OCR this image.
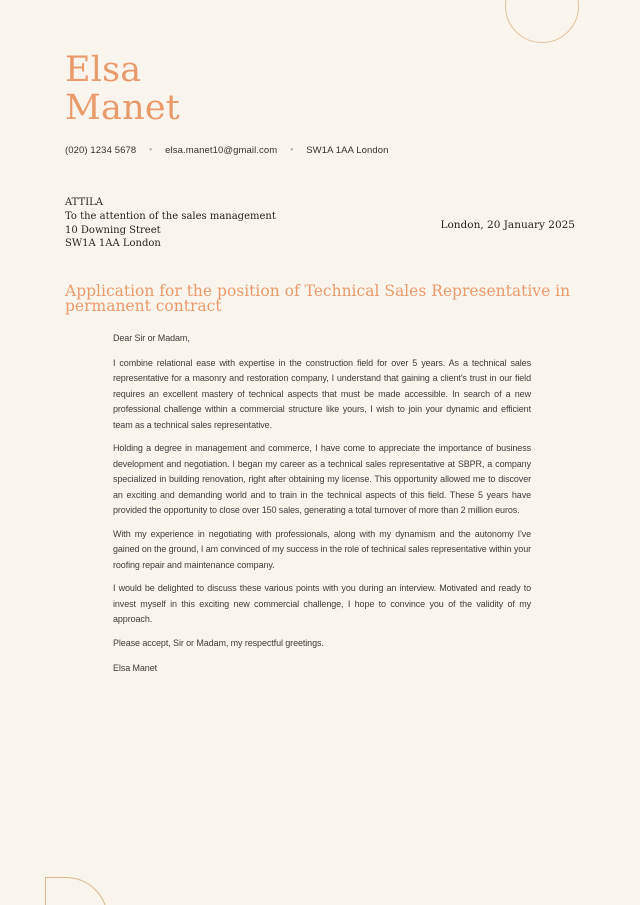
Elsa
Manet
(020) 1234 5678 • elsa.manet10@gmail.com • SW1A 1AA London
ATTILA
To the attention of the sales management
10 Downing Street
SW1A 1AA London
London, 20 January 2025
Application for the position of Technical Sales Representative in permanent contract

Dear Sir or Madam,

I combine relational ease with expertise in the construction field for over 5 years. As a technical sales representative for a masonry and restoration company, I understand that gaining a client's trust in our field requires an excellent mastery of technical aspects that must be made accessible. In search of a new professional challenge within a commercial structure like yours, I wish to join your dynamic and efficient team as a technical sales representative.

Holding a degree in management and commerce, I have come to appreciate the importance of business development and negotiation. I began my career as a technical sales representative at SBPR, a company specialized in building renovation, right after obtaining my license. This opportunity allowed me to discover an exciting and demanding world and to train in the technical aspects of this field. These 5 years have provided the opportunity to close over 150 sales, generating a total turnover of more than 2 million euros.

With my experience in negotiating with professionals, along with my dynamism and the autonomy I've gained on the ground, I am convinced of my success in the role of technical sales representative within your roofing repair and maintenance company.

I would be delighted to discuss these various points with you during an interview. Motivated and ready to invest myself in this exciting new commercial challenge, I hope to convince you of the validity of my approach.

Please accept, Sir or Madam, my respectful greetings.

Elsa Manet
